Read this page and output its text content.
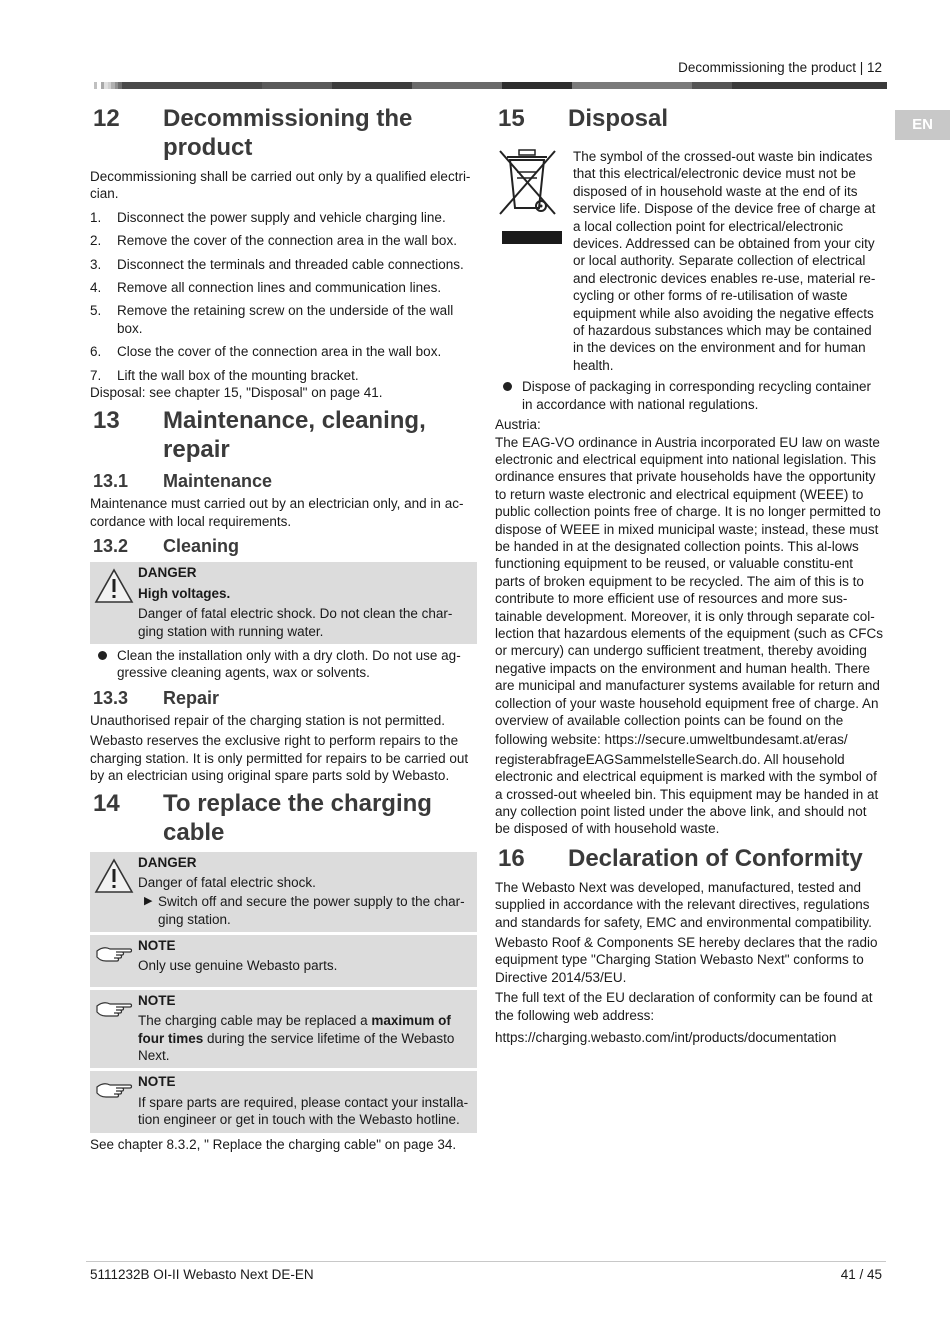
Decommissioning the product | 12
EN
12	Decommissioning the product

Decommissioning shall be carried out only by a qualified electri-cian.

1.	Disconnect the power supply and vehicle charging line.
2.	Remove the cover of the connection area in the wall box.
3.	Disconnect the terminals and threaded cable connections.
4.	Remove all connection lines and communication lines.
5.	Remove the retaining screw on the underside of the wall box.
6.	Close the cover of the connection area in the wall box.
7.	Lift the wall box of the mounting bracket.

Disposal: see chapter 15, "Disposal" on page 41.

13	Maintenance, cleaning, repair
13.1	Maintenance

Maintenance must carried out by an electrician only, and in ac-cordance with local requirements.

13.2	Cleaning
DANGER
High voltages.
Danger of fatal electric shock. Do not clean the char-ging station with running water.
Clean the installation only with a dry cloth. Do not use ag-gressive cleaning agents, wax or solvents.
13.3	Repair

Unauthorised repair of the charging station is not permitted.

Webasto reserves the exclusive right to perform repairs to the charging station. It is only permitted for repairs to be carried out by an electrician using original spare parts sold by Webasto.

14	To replace the charging cable
DANGER
Danger of fatal electric shock.
▶ Switch off and secure the power supply to the char-ging station.
NOTE
Only use genuine Webasto parts.
NOTE
The charging cable may be replaced a maximum of four times during the service lifetime of the Webasto Next.
NOTE
If spare parts are required, please contact your installa-tion engineer or get in touch with the Webasto hotline.

See chapter 8.3.2, " Replace the charging cable" on page 34.

15	Disposal

The symbol of the crossed-out waste bin indicates that this electrical/electronic device must not be disposed of in household waste at the end of its service life. Dispose of the device free of charge at a local collection point for electrical/electronic devices. Addressed can be obtained from your city or local authority. Separate collection of electrical and electronic devices enables re-use, material re-cycling or other forms of re-utilisation of waste equipment while also avoiding the negative effects of hazardous substances which may be contained in the devices on the environment and for human health.

Dispose of packaging in corresponding recycling container in accordance with national regulations.

Austria:

The EAG-VO ordinance in Austria incorporated EU law on waste electronic and electrical equipment into national legislation. This ordinance ensures that private households have the opportunity to return waste electronic and electrical equipment (WEEE) to public collection points free of charge. It is no longer permitted to dispose of WEEE in mixed municipal waste; instead, these must be handed in at the designated collection points. This al-lows functioning equipment to be reused, or valuable constitu-ent parts of broken equipment to be recycled. The aim of this is to contribute to more efficient use of resources and more sus-tainable development. Moreover, it is only through separate col-lection that hazardous elements of the equipment (such as CFCs or mercury) can undergo sufficient treatment, thereby avoiding negative impacts on the environment and human health. There are municipal and manufacturer systems available for return and collection of your waste household equipment free of charge. An overview of available collection points can be found on the

following website: https://secure.umweltbundesamt.at/eras/

registerabfrageEAGSammelstelleSearch.do. All household electronic and electrical equipment is marked with the symbol of a crossed-out wheeled bin. This equipment may be handed in at any collection point listed under the above link, and should not be disposed of with household waste.

16	Declaration of Conformity

The Webasto Next was developed, manufactured, tested and supplied in accordance with the relevant directives, regulations and standards for safety, EMC and environmental compatibility.

Webasto Roof & Components SE hereby declares that the radio equipment type "Charging Station Webasto Next" conforms to Directive 2014/53/EU.

The full text of the EU declaration of conformity can be found at the following web address:

https://charging.webasto.com/int/products/documentation

5111232B OI-II Webasto Next DE-EN	41 / 45
